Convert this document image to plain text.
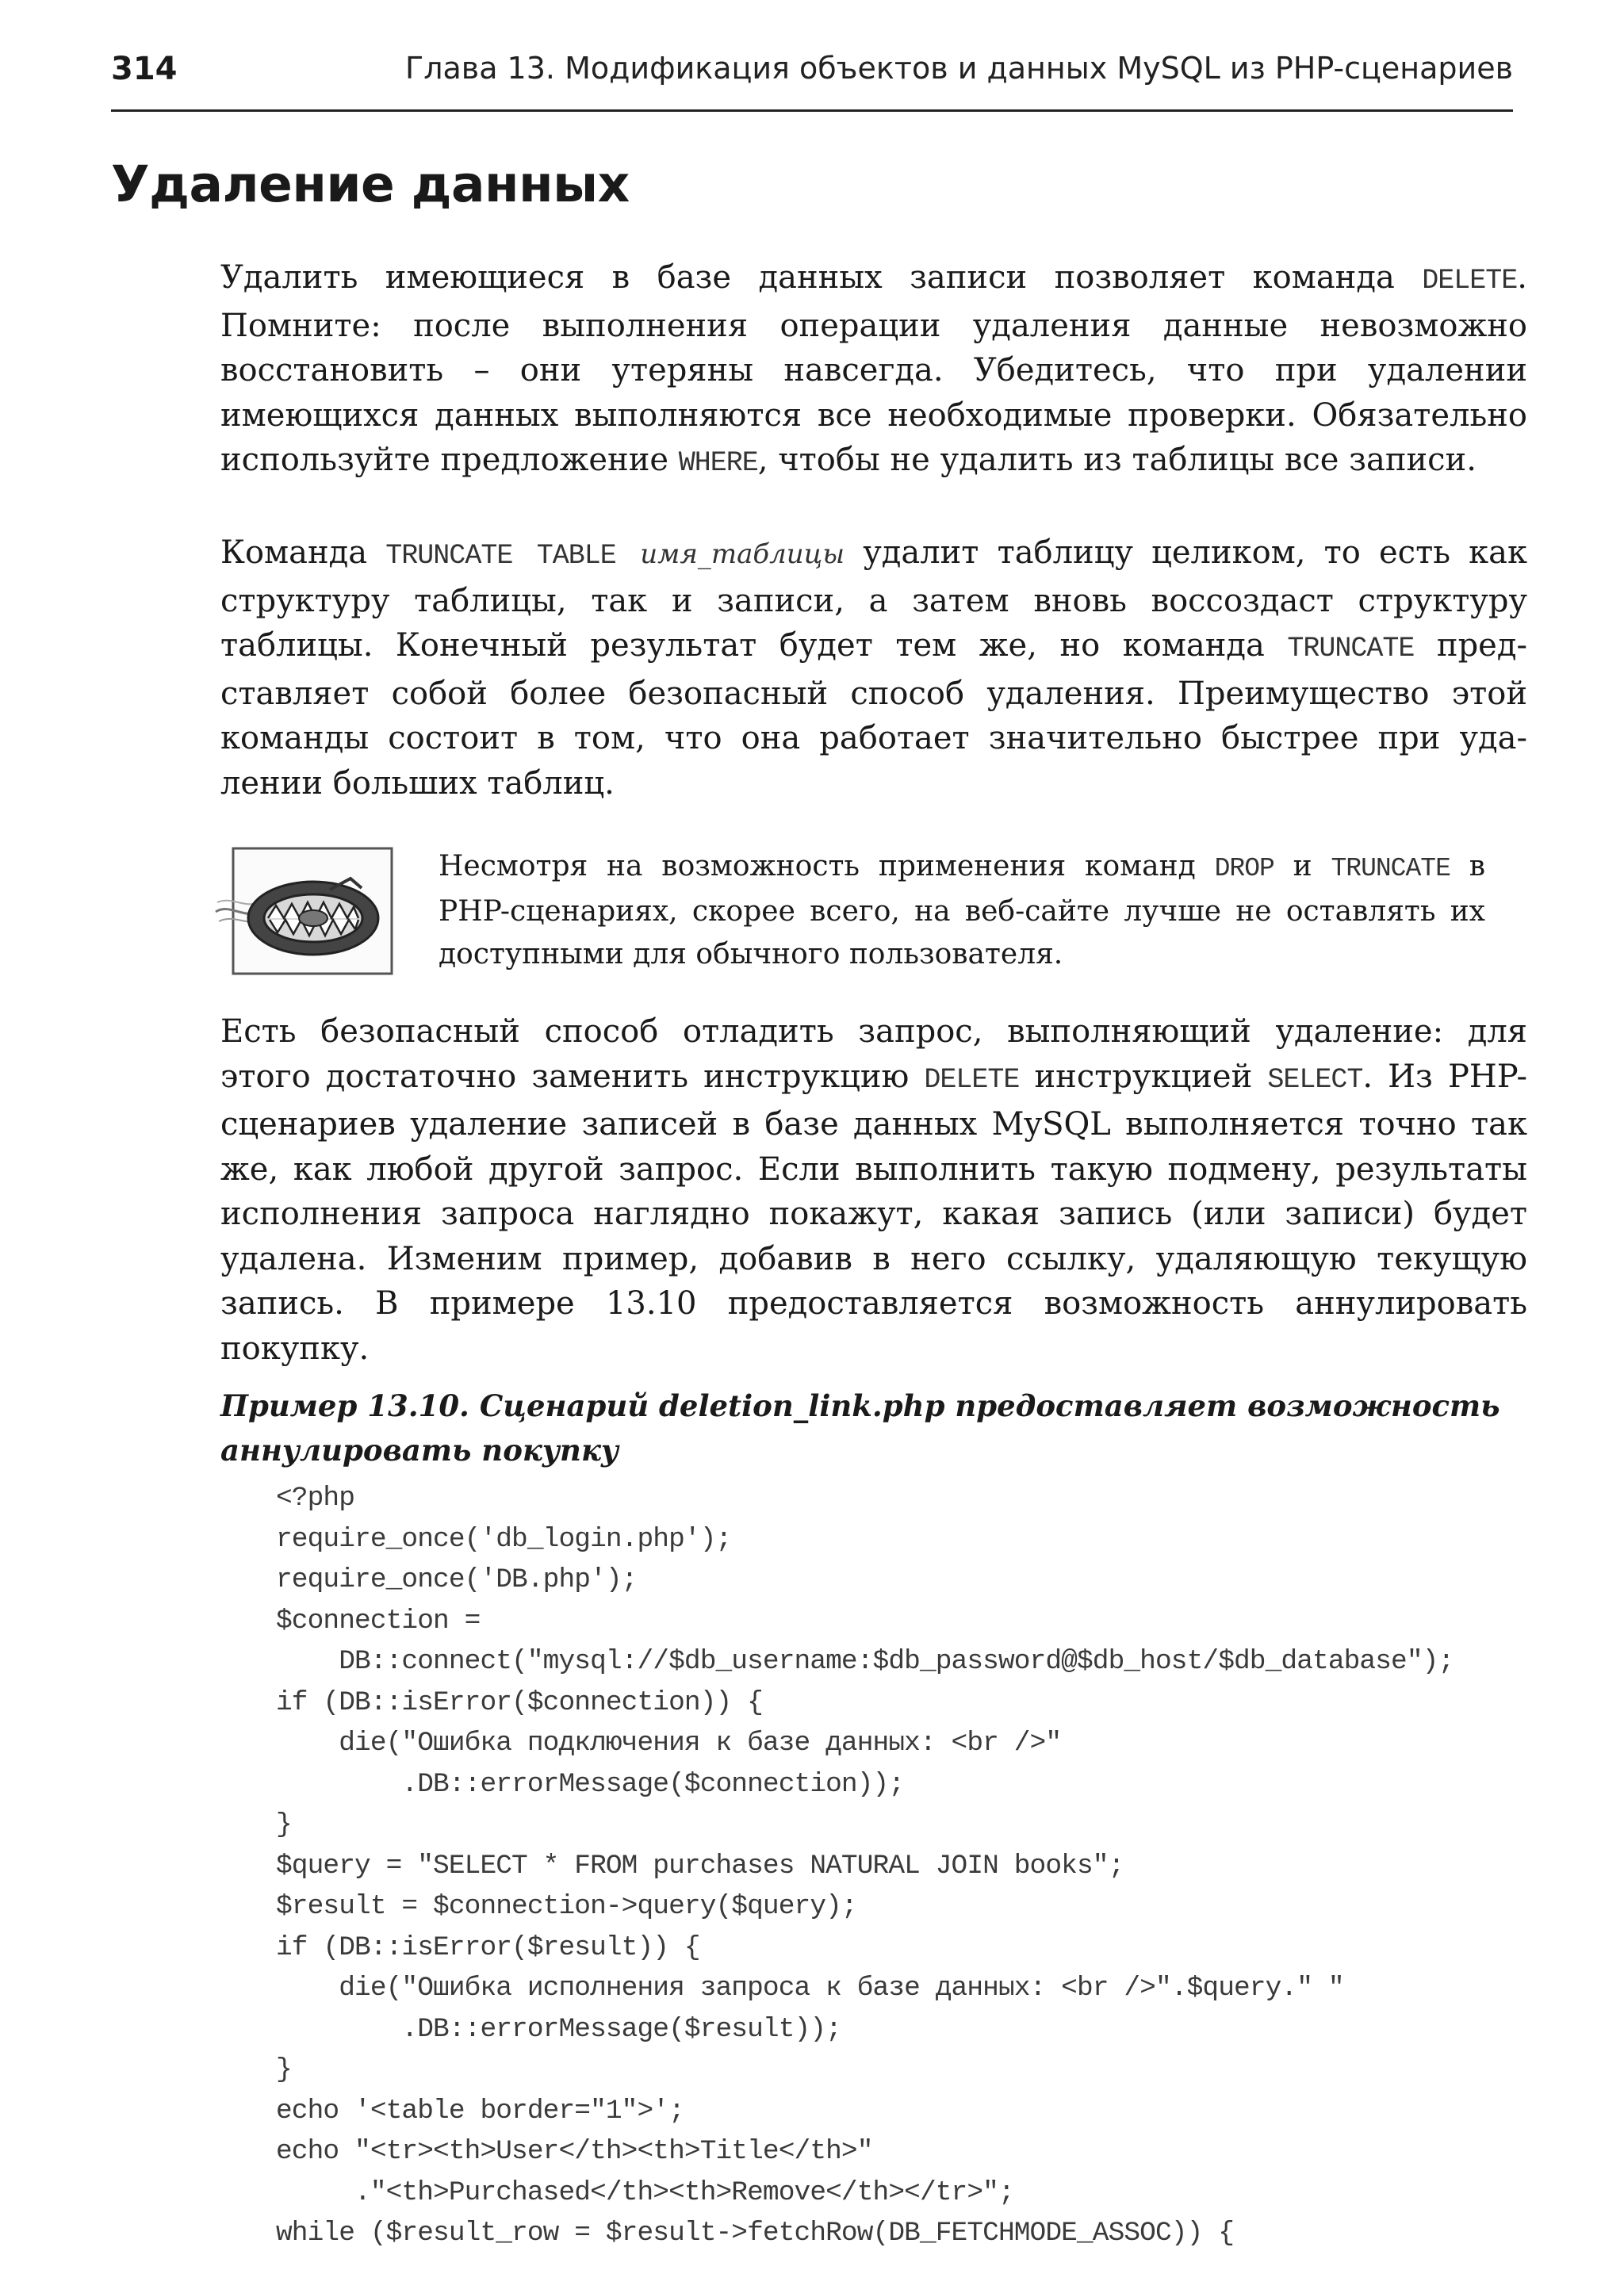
314	Глава 13. Модификация объектов и данных MySQL из PHP-сценариев
Удаление данных

Удалить имеющиеся в базе данных записи позволяет команда DELETE. Помните: после выполнения операции удаления данные невозможно восстановить – они утеряны навсегда. Убедитесь, что при удалении имеющихся данных выполняются все необходимые проверки. Обязательно используйте предложение WHERE, чтобы не удалить из таблицы все записи.

Команда TRUNCATE TABLE имя_таблицы удалит таблицу целиком, то есть как структуру таблицы, так и записи, а затем вновь воссоздаст структуру таблицы. Конечный результат будет тем же, но команда TRUNCATE представляет собой более безопасный способ удаления. Преимущество этой команды состоит в том, что она работает значительно быстрее при удалении больших таблиц.

Несмотря на возможность применения команд DROP и TRUNCATE в PHP-сценариях, скорее всего, на веб-сайте лучше не оставлять их доступными для обычного пользователя.

Есть безопасный способ отладить запрос, выполняющий удаление: для этого достаточно заменить инструкцию DELETE инструкцией SELECT. Из PHP-сценариев удаление записей в базе данных MySQL выполняется точно так же, как любой другой запрос. Если выполнить такую подмену, результаты исполнения запроса наглядно покажут, какая запись (или записи) будет удалена. Изменим пример, добавив в него ссылку, удаляющую текущую запись. В примере 13.10 предоставляется возможность аннулировать покупку.

Пример 13.10. Сценарий deletion_link.php предоставляет возможность аннулировать покупку

<?php
require_once('db_login.php');
require_once('DB.php');
$connection =
DB::connect("mysql://$db_username:$db_password@$db_host/$db_database");
if (DB::isError($connection)) {
die("Ошибка подключения к базе данных: <br />"
.DB::errorMessage($connection));
}
$query = "SELECT * FROM purchases NATURAL JOIN books";
$result = $connection->query($query);
if (DB::isError($result)) {
die("Ошибка исполнения запроса к базе данных: <br />".$query." "
.DB::errorMessage($result));
}
echo '<table border="1">';
echo "<tr><th>User</th><th>Title</th>"
."<th>Purchased</th><th>Remove</th></tr>";
while ($result_row = $result->fetchRow(DB_FETCHMODE_ASSOC)) {
